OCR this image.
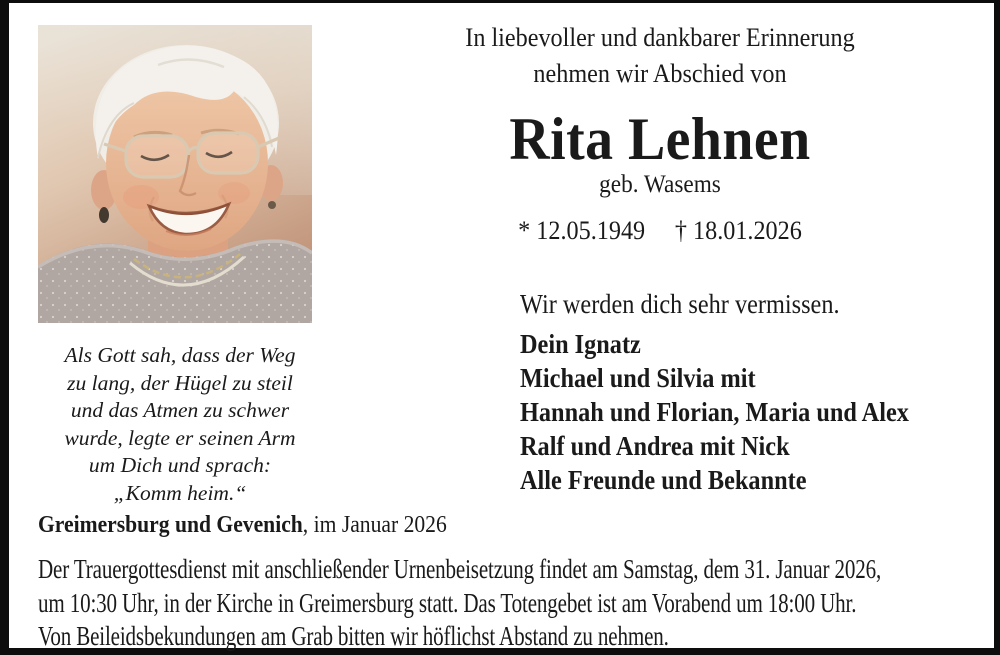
In liebevoller und dankbarer Erinnerung
nehmen wir Abschied von
Rita Lehnen
geb. Wasems
* 12.05.1949 † 18.01.2026
Wir werden dich sehr vermissen.
Dein Ignatz
Michael und Silvia mit
Hannah und Florian, Maria und Alex
Ralf und Andrea mit Nick
Alle Freunde und Bekannte
Als Gott sah, dass der Weg
zu lang, der Hügel zu steil
und das Atmen zu schwer
wurde, legte er seinen Arm
um Dich und sprach:
„Komm heim.“
Greimersburg und Gevenich, im Januar 2026
Der Trauergottesdienst mit anschließender Urnenbeisetzung findet am Samstag, dem 31. Januar 2026,
um 10:30 Uhr, in der Kirche in Greimersburg statt. Das Totengebet ist am Vorabend um 18:00 Uhr.
Von Beileidsbekundungen am Grab bitten wir höflichst Abstand zu nehmen.
